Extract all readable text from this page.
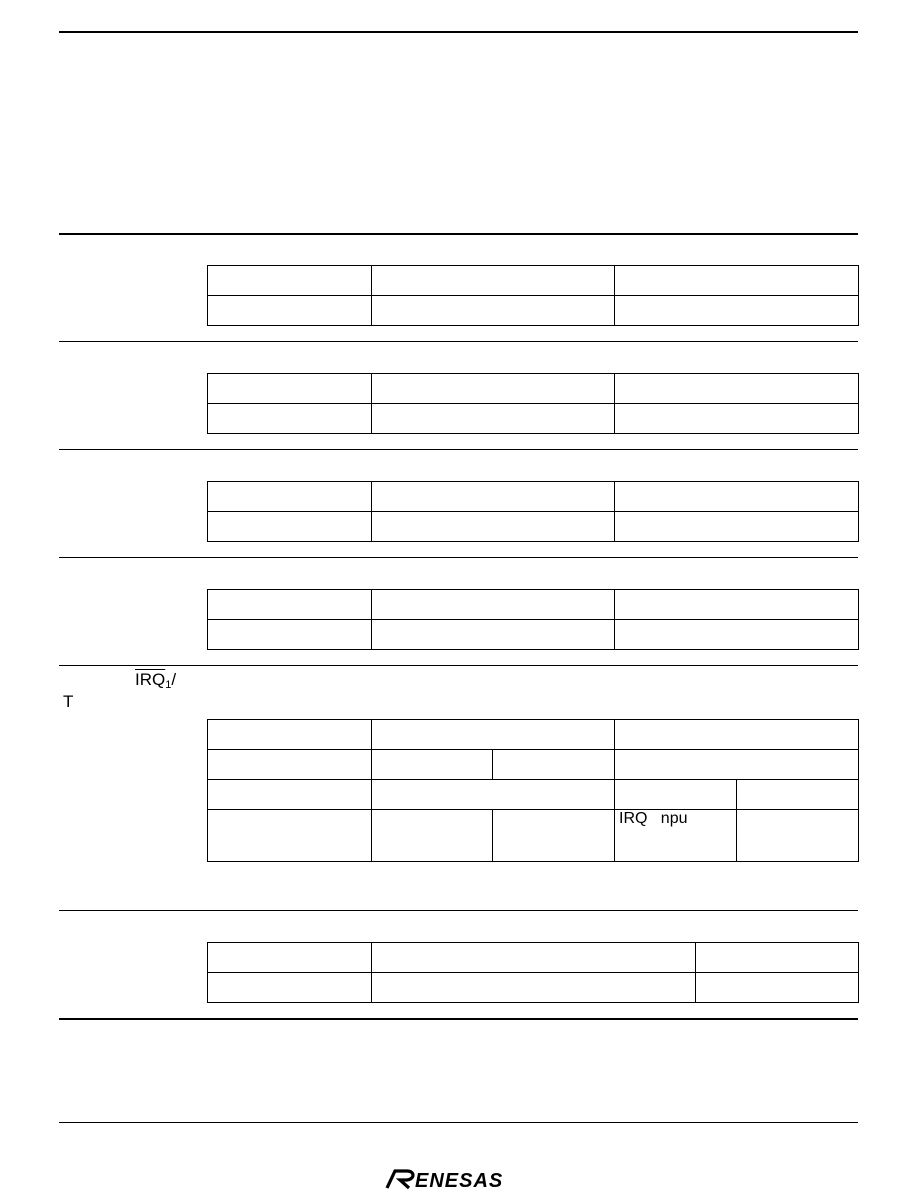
$\overline{IRQ}_1/$
T

			$\overline{IRQ}$ npu	

ENESAS
